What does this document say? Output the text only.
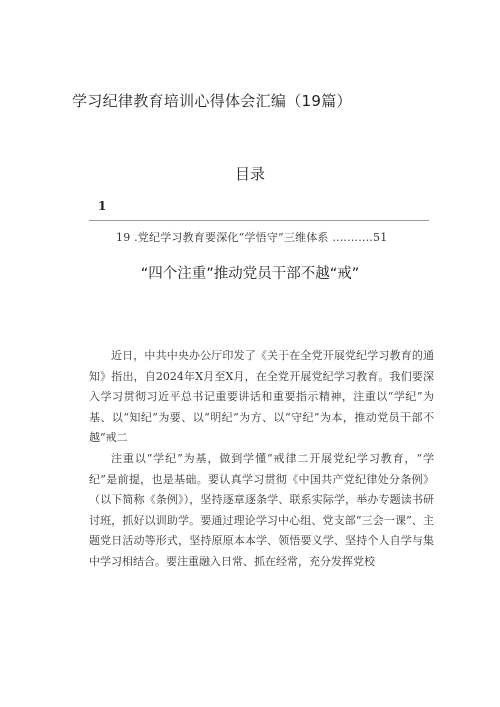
学习纪律教育培训心得体会汇编（19篇）
目录
1
19 .党纪学习教育要深化“学悟守”三维体系 ...........51
“四个注重”推动党员干部不越“戒”

近日，中共中央办公厅印发了《关于在全党开展党纪学习教育的通知》指出，自2024年X月至X月，在全党开展党纪学习教育。我们要深入学习贯彻习近平总书记重要讲话和重要指示精神，注重以“学纪”为基、以“知纪”为要、以“明纪”为方、以“守纪”为本，推动党员干部不越“戒二

注重以“学纪”为基，做到学懂“戒律二开展党纪学习教育，“学纪”是前提，也是基础。要认真学习贯彻《中国共产党纪律处分条例》（以下简称《条例》），坚持逐章逐条学、联系实际学，举办专题读书研讨班，抓好以训助学。要通过理论学习中心组、党支部“三会一课”、主题党日活动等形式，坚持原原本本学、领悟要义学、坚持个人自学与集中学习相结合。要注重融入日常、抓在经常，充分发挥党校
